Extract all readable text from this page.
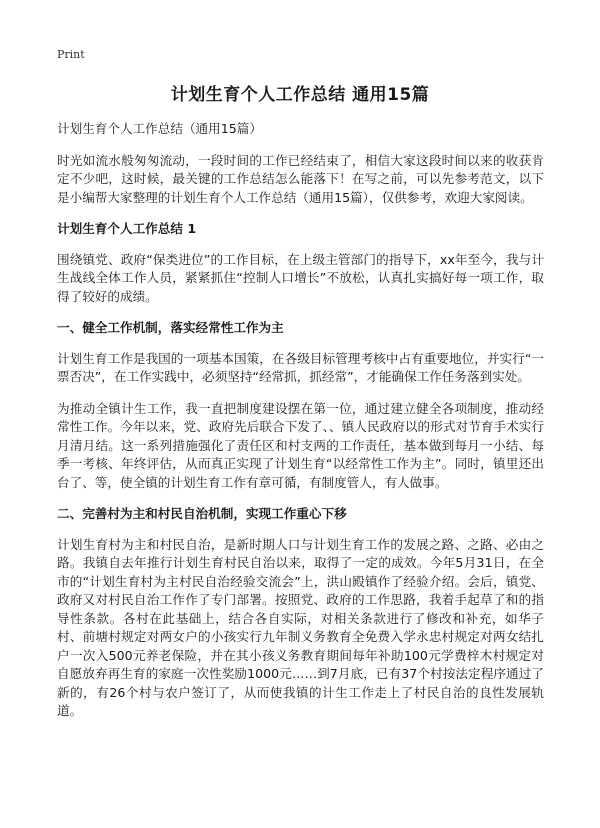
Print
计划生育个人工作总结 通用15篇

计划生育个人工作总结（通用15篇）

时光如流水般匆匆流动，一段时间的工作已经结束了，相信大家这段时间以来的收获肯定不少吧，这时候，最关键的工作总结怎么能落下！在写之前，可以先参考范文，以下是小编帮大家整理的计划生育个人工作总结（通用15篇），仅供参考，欢迎大家阅读。

计划生育个人工作总结 1

围绕镇党、政府“保类进位”的工作目标，在上级主管部门的指导下，xx年至今，我与计生战线全体工作人员，紧紧抓住“控制人口增长”不放松，认真扎实搞好每一项工作，取得了较好的成绩。

一、健全工作机制，落实经常性工作为主

计划生育工作是我国的一项基本国策，在各级目标管理考核中占有重要地位，并实行“一票否决”，在工作实践中，必须坚持“经常抓，抓经常”，才能确保工作任务落到实处。

为推动全镇计生工作，我一直把制度建设摆在第一位，通过建立健全各项制度，推动经常性工作。今年以来，党、政府先后联合下发了、、镇人民政府以的形式对节育手术实行月清月结。这一系列措施强化了责任区和村支两的工作责任，基本做到每月一小结、每季一考核、年终评估，从而真正实现了计划生育“以经常性工作为主”。同时，镇里还出台了、等，使全镇的计划生育工作有章可循，有制度管人，有人做事。

二、完善村为主和村民自治机制，实现工作重心下移

计划生育村为主和村民自治，是新时期人口与计划生育工作的发展之路、之路、必由之路。我镇自去年推行计划生育村民自治以来，取得了一定的成效。今年5月31日，在全市的“计划生育村为主村民自治经验交流会”上，洪山殿镇作了经验介绍。会后，镇党、政府又对村民自治工作作了专门部署。按照党、政府的工作思路，我着手起草了和的指导性条款。各村在此基础上，结合各自实际，对相关条款进行了修改和补充，如华子村、前塘村规定对两女户的小孩实行九年制义务教育全免费入学永忠村规定对两女结扎户一次入500元养老保险，并在其小孩义务教育期间每年补助100元学费梓木村规定对自愿放弃再生育的家庭一次性奖励1000元……到7月底，已有37个村按法定程序通过了新的，有26个村与农户签订了，从而使我镇的计生工作走上了村民自治的良性发展轨道。
